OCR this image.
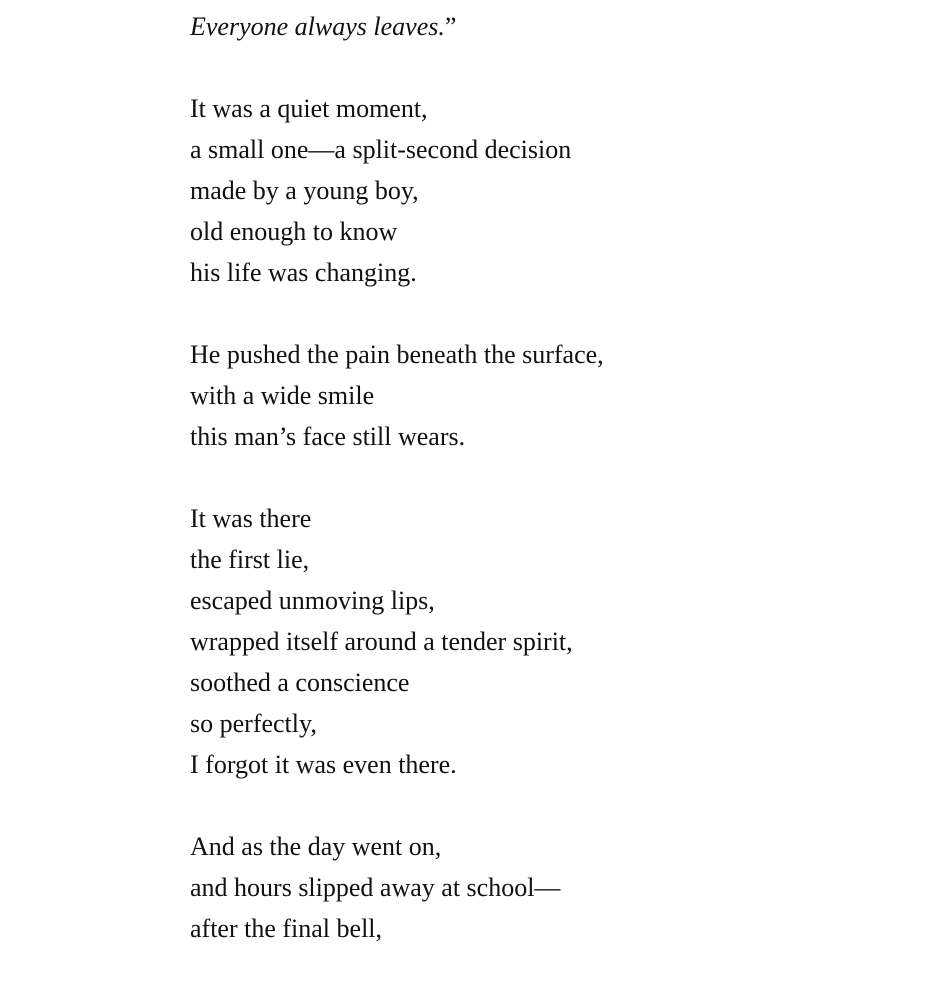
Everyone always leaves.”
It was a quiet moment,
a small one—a split-second decision
made by a young boy,
old enough to know
his life was changing.
He pushed the pain beneath the surface,
with a wide smile
this man’s face still wears.
It was there
the first lie,
escaped unmoving lips,
wrapped itself around a tender spirit,
soothed a conscience
so perfectly,
I forgot it was even there.
And as the day went on,
and hours slipped away at school—
after the final bell,
